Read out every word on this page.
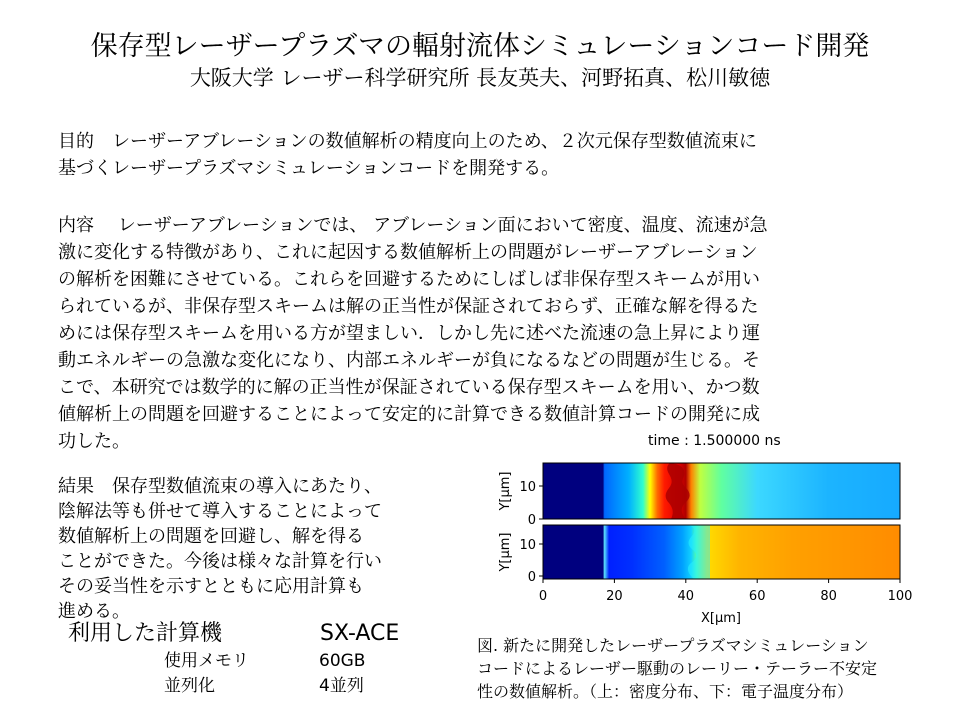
保存型レーザープラズマの輻射流体シミュレーションコード開発
大阪大学 レーザー科学研究所 長友英夫、河野拓真、松川敏徳

目的　レーザーアブレーションの数値解析の精度向上のため、２次元保存型数値流束に

基づくレーザープラズマシミュレーションコードを開発する。

内容　 レーザーアブレーションでは、 アブレーション面において密度、温度、流速が急

激に変化する特徴があり、これに起因する数値解析上の問題がレーザーアブレーション

の解析を困難にさせている。これらを回避するためにしばしば非保存型スキームが用い

られているが、非保存型スキームは解の正当性が保証されておらず、正確な解を得るた

めには保存型スキームを用いる方が望ましい．しかし先に述べた流速の急上昇により運

動エネルギーの急激な変化になり、内部エネルギーが負になるなどの問題が生じる。そ

こで、本研究では数学的に解の正当性が保証されている保存型スキームを用い、かつ数

値解析上の問題を回避することによって安定的に計算できる数値計算コードの開発に成

功した。

結果　保存型数値流束の導入にあたり、

陰解法等も併せて導入することによって

数値解析上の問題を回避し、解を得る

ことができた。今後は様々な計算を行い

その妥当性を示すとともに応用計算も

進める。

利用した計算機	SX-ACE
使用メモリ	60GB
並列化	4並列
time : 1.500000 ns
10
0
Y[μm]
10
0
Y[μm]
0	20	40	60	80	100
X[μm]

図. 新たに開発したレーザープラズマシミュレーション

コードによるレーザー駆動のレーリー・テーラー不安定

性の数値解析。（上：密度分布、下：電子温度分布）
